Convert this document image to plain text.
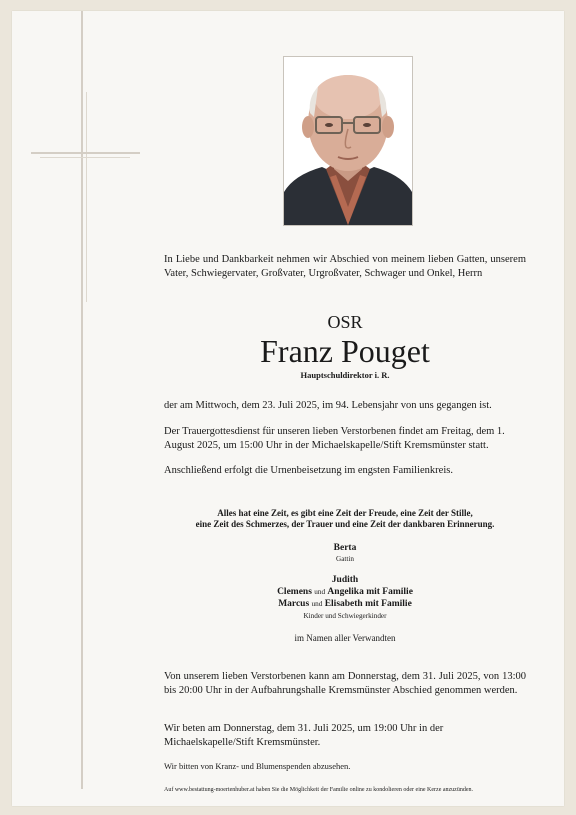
In Liebe und Dankbarkeit nehmen wir Abschied von meinem lieben Gatten, unserem Vater, Schwiegervater, Großvater, Urgroßvater, Schwager und Onkel, Herrn
OSR
Franz Pouget
Hauptschuldirektor i. R.
der am Mittwoch, dem 23. Juli 2025, im 94. Lebensjahr von uns gegangen ist.
Der Trauergottesdienst für unseren lieben Verstorbenen findet am Freitag, dem 1. August 2025, um 15:00 Uhr in der Michaelskapelle/Stift Kremsmünster statt.
Anschließend erfolgt die Urnenbeisetzung im engsten Familienkreis.
Alles hat eine Zeit, es gibt eine Zeit der Freude, eine Zeit der Stille,
eine Zeit des Schmerzes, der Trauer und eine Zeit der dankbaren Erinnerung.
Berta
Gattin
Judith
Clemens und Angelika mit Familie
Marcus und Elisabeth mit Familie
Kinder und Schwiegerkinder
im Namen aller Verwandten
Von unserem lieben Verstorbenen kann am Donnerstag, dem 31. Juli 2025, von 13:00 bis 20:00 Uhr in der Aufbahrungshalle Kremsmünster Abschied genommen werden.
Wir beten am Donnerstag, dem 31. Juli 2025, um 19:00 Uhr in der Michaelskapelle/Stift Kremsmünster.
Wir bitten von Kranz- und Blumenspenden abzusehen.
Auf www.bestattung-moertenhuber.at haben Sie die Möglichkeit der Familie online zu kondolieren oder eine Kerze anzuzünden.
